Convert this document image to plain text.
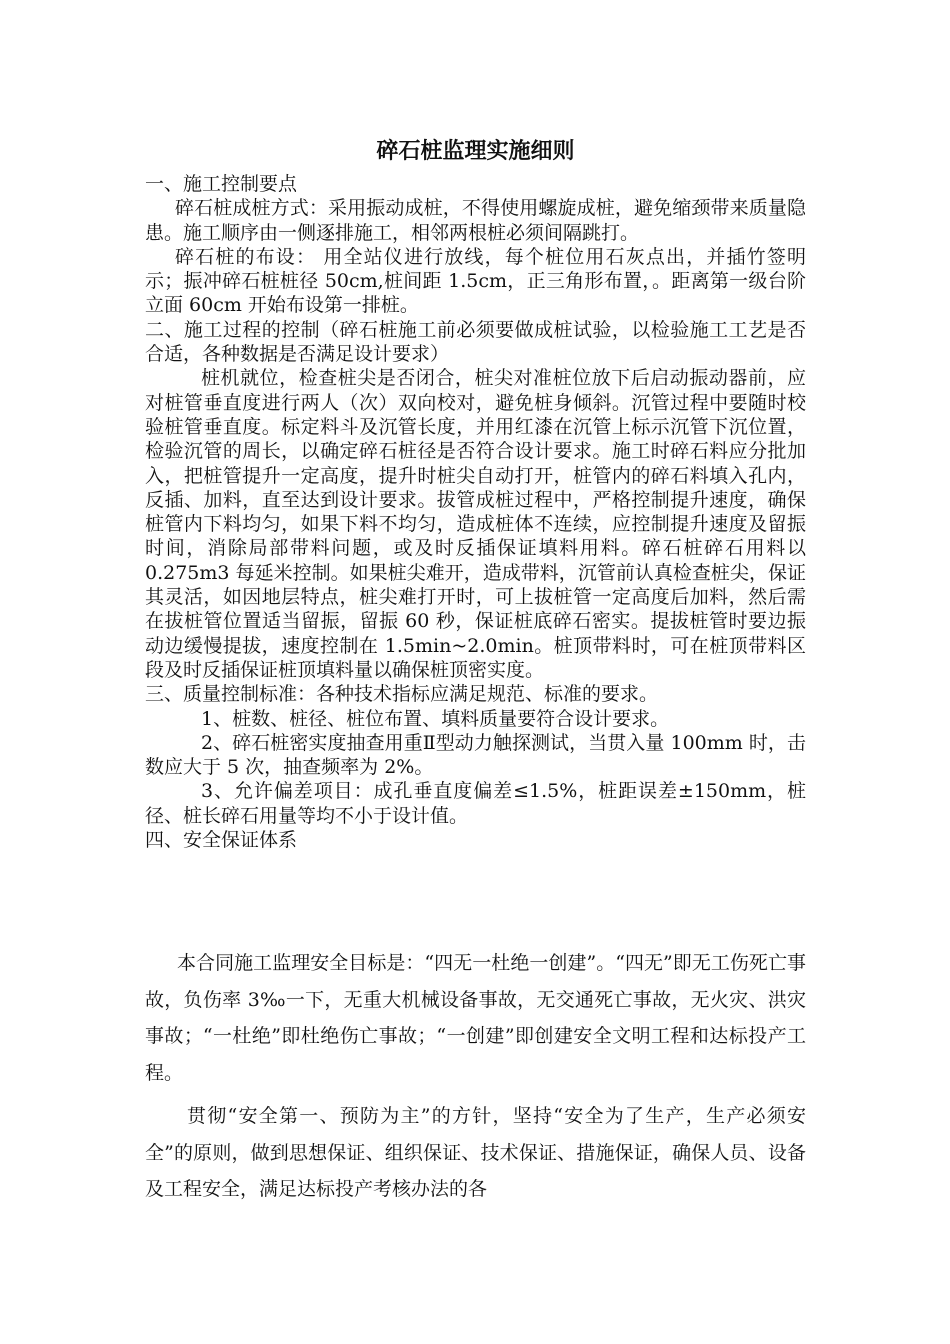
碎石桩监理实施细则

一、施工控制要点

碎石桩成桩方式：采用振动成桩，不得使用螺旋成桩，避免缩颈带来质量隐患。施工顺序由一侧逐排施工，相邻两根桩必须间隔跳打。

碎石桩的布设： 用全站仪进行放线，每个桩位用石灰点出，并插竹签明示；振冲碎石桩桩径 50cm,桩间距 1.5cm，正三角形布置，。距离第一级台阶立面 60cm 开始布设第一排桩。

二、施工过程的控制（碎石桩施工前必须要做成桩试验，以检验施工工艺是否合适，各种数据是否满足设计要求）

桩机就位，检查桩尖是否闭合，桩尖对准桩位放下后启动振动器前，应对桩管垂直度进行两人（次）双向校对，避免桩身倾斜。沉管过程中要随时校验桩管垂直度。标定料斗及沉管长度，并用红漆在沉管上标示沉管下沉位置，检验沉管的周长，以确定碎石桩径是否符合设计要求。施工时碎石料应分批加入，把桩管提升一定高度，提升时桩尖自动打开，桩管内的碎石料填入孔内，反插、加料，直至达到设计要求。拔管成桩过程中，严格控制提升速度，确保桩管内下料均匀，如果下料不均匀，造成桩体不连续，应控制提升速度及留振时间，消除局部带料问题，或及时反插保证填料用料。碎石桩碎石用料以 0.275m3 每延米控制。如果桩尖难开，造成带料，沉管前认真检查桩尖，保证其灵活，如因地层特点，桩尖难打开时，可上拔桩管一定高度后加料，然后需在拔桩管位置适当留振，留振 60 秒，保证桩底碎石密实。提拔桩管时要边振动边缓慢提拔，速度控制在 1.5min~2.0min。桩顶带料时，可在桩顶带料区段及时反插保证桩顶填料量以确保桩顶密实度。

三、质量控制标准：各种技术指标应满足规范、标准的要求。

1、桩数、桩径、桩位布置、填料质量要符合设计要求。

2、碎石桩密实度抽查用重Ⅱ型动力触探测试，当贯入量 100mm 时，击数应大于 5 次，抽查频率为 2%。

3、允许偏差项目：成孔垂直度偏差≤1.5%，桩距误差±150mm，桩径、桩长碎石用量等均不小于设计值。

四、安全保证体系

本合同施工监理安全目标是：“四无一杜绝一创建”。“四无”即无工伤死亡事故，负伤率 3‰一下，无重大机械设备事故，无交通死亡事故，无火灾、洪灾事故；“一杜绝”即杜绝伤亡事故；“一创建”即创建安全文明工程和达标投产工程。

贯彻“安全第一、预防为主”的方针，坚持“安全为了生产，生产必须安全”的原则，做到思想保证、组织保证、技术保证、措施保证，确保人员、设备及工程安全，满足达标投产考核办法的各
